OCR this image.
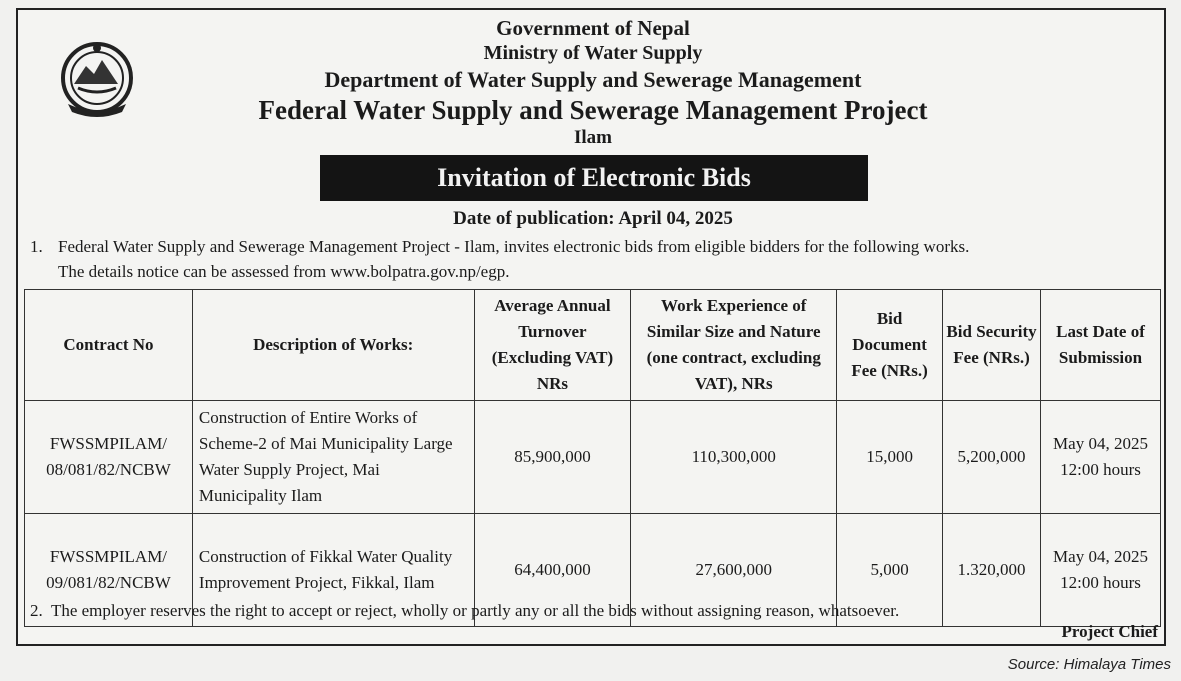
Government of Nepal
Ministry of Water Supply
Department of Water Supply and Sewerage Management
Federal Water Supply and Sewerage Management Project
Ilam
Invitation of Electronic Bids
Date of publication: April 04, 2025
1. Federal Water Supply and Sewerage Management Project - Ilam, invites electronic bids from eligible bidders for the following works.
The details notice can be assessed from www.bolpatra.gov.np/egp.
Contract No	Description of Works:	Average Annual Turnover (Excluding VAT) NRs	Work Experience of Similar Size and Nature (one contract, excluding VAT), NRs	Bid Document Fee (NRs.)	Bid Security Fee (NRs.)	Last Date of Submission
FWSSMPILAM/ 08/081/82/NCBW	Construction of Entire Works of Scheme-2 of Mai Municipality Large Water Supply Project, Mai Municipality Ilam	85,900,000	110,300,000	15,000	5,200,000	May 04, 2025 12:00 hours
FWSSMPILAM/ 09/081/82/NCBW	Construction of Fikkal Water Quality Improvement Project, Fikkal, Ilam	64,400,000	27,600,000	5,000	1.320,000	May 04, 2025 12:00 hours
2. The employer reserves the right to accept or reject, wholly or partly any or all the bids without assigning reason, whatsoever.
Project Chief
Source: Himalaya Times
